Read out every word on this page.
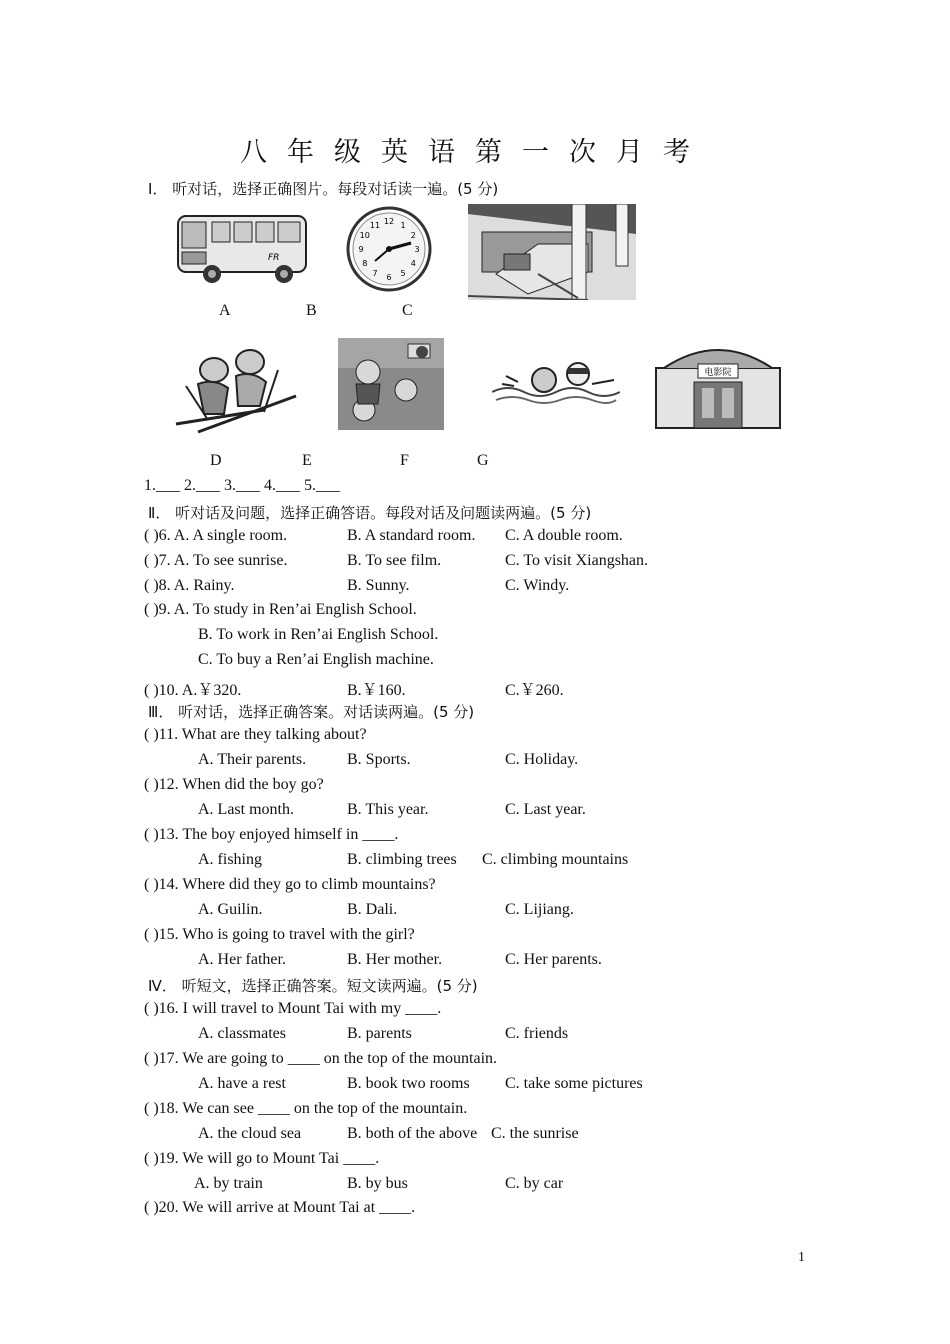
八年级英语第一次月考
Ⅰ． 听对话，选择正确图片。每段对话读一遍。(5 分)
FR
12 1
2
3
4
5
6
7
8
9
10
11
A	B	C
电影院
D	E	F	G
1.___ 2.___ 3.___ 4.___ 5.___
Ⅱ． 听对话及问题，选择正确答语。每段对话及问题读两遍。(5 分)
( )6. A. A single room.	B. A standard room. C. A double room.
( )7. A. To see sunrise.	B. To see film.	C. To visit Xiangshan.
( )8. A. Rainy.	B. Sunny.	C. Windy.
( )9. A. To study in Ren’ai English School.
B. To work in Ren’ai English School.
C. To buy a Ren’ai English machine.
( )10. A.￥320.	B.￥160.	C.￥260.
Ⅲ． 听对话，选择正确答案。对话读两遍。(5 分)
( )11. What are they talking about?
A. Their parents.	B. Sports.	C. Holiday.
( )12. When did the boy go?
A. Last month.	B. This year.	C. Last year.
( )13. The boy enjoyed himself in ____.
A. fishing	B. climbing trees C. climbing mountains
( )14. Where did they go to climb mountains?
A. Guilin.	B. Dali.	C. Lijiang.
( )15. Who is going to travel with the girl?
A. Her father.	B. Her mother.	C. Her parents.
Ⅳ． 听短文，选择正确答案。短文读两遍。(5 分)
( )16. I will travel to Mount Tai with my ____.
A. classmates	B. parents	C. friends
( )17. We are going to ____ on the top of the mountain.
A. have a rest	B. book two rooms C. take some pictures
( )18. We can see ____ on the top of the mountain.
A. the cloud sea	B. both of the above C. the sunrise
( )19. We will go to Mount Tai ____.
A. by train	B. by bus	C. by car
( )20. We will arrive at Mount Tai at ____.
1
